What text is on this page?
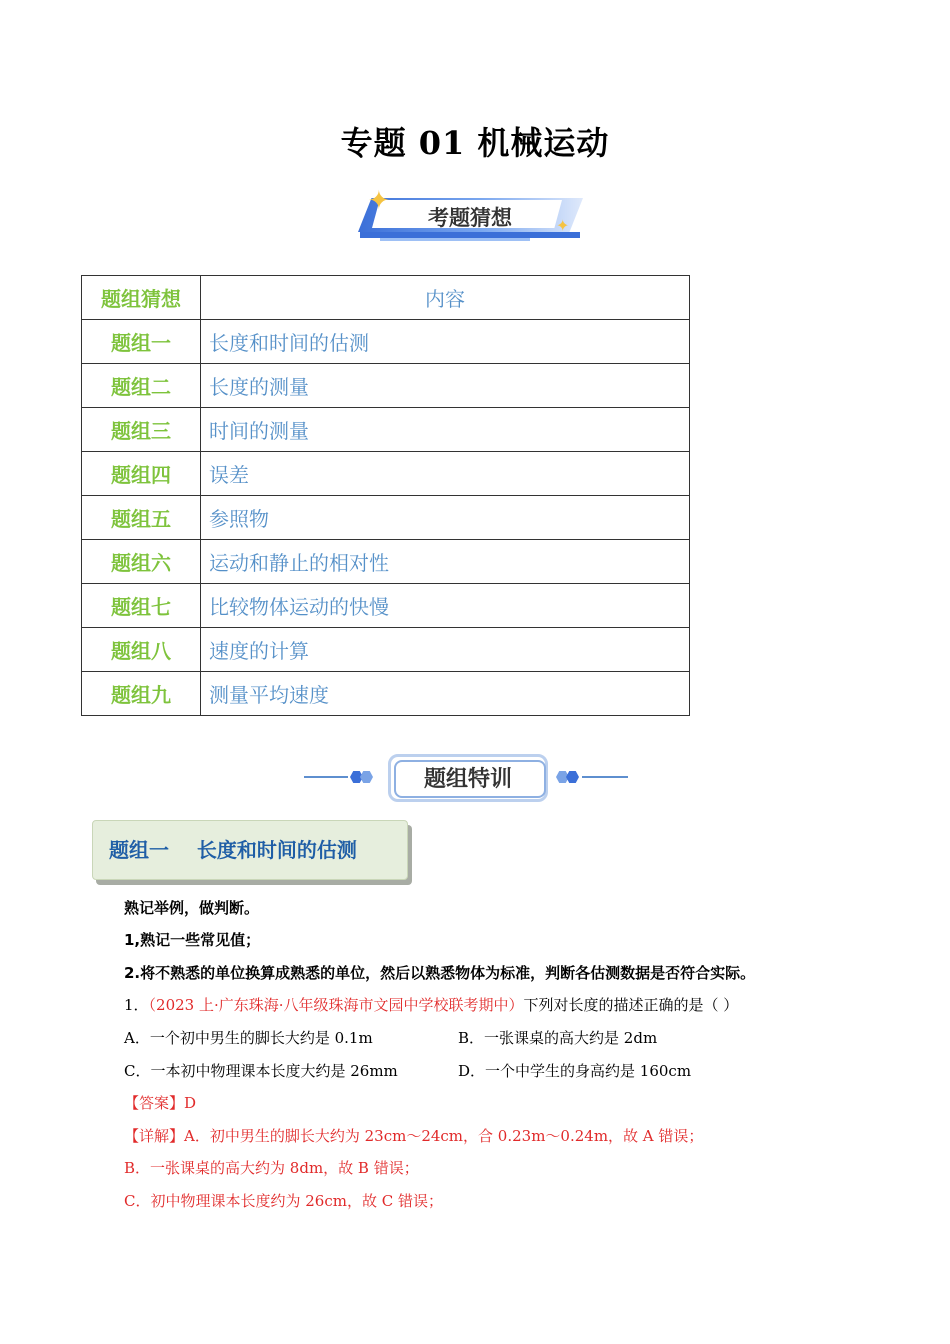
专题 01 机械运动
✦
✦
考题猜想
题组猜想	内容
题组一	长度和时间的估测
题组二	长度的测量
题组三	时间的测量
题组四	误差
题组五	参照物
题组六	运动和静止的相对性
题组七	比较物体运动的快慢
题组八	速度的计算
题组九	测量平均速度
题组特训
题组一    长度和时间的估测
熟记举例，做判断。
1,熟记一些常见值；
2.将不熟悉的单位换算成熟悉的单位，然后以熟悉物体为标准，判断各估测数据是否符合实际。
1．（2023 上·广东珠海·八年级珠海市文园中学校联考期中）下列对长度的描述正确的是（ ）
A．一个初中男生的脚长大约是 0.1m	B．一张课桌的高大约是 2dm
C．一本初中物理课本长度大约是 26mm	D．一个中学生的身高约是 160cm
【答案】D
【详解】A．初中男生的脚长大约为 23cm～24cm，合 0.23m～0.24m，故 A 错误；
B．一张课桌的高大约为 8dm，故 B 错误；
C．初中物理课本长度约为 26cm，故 C 错误；
